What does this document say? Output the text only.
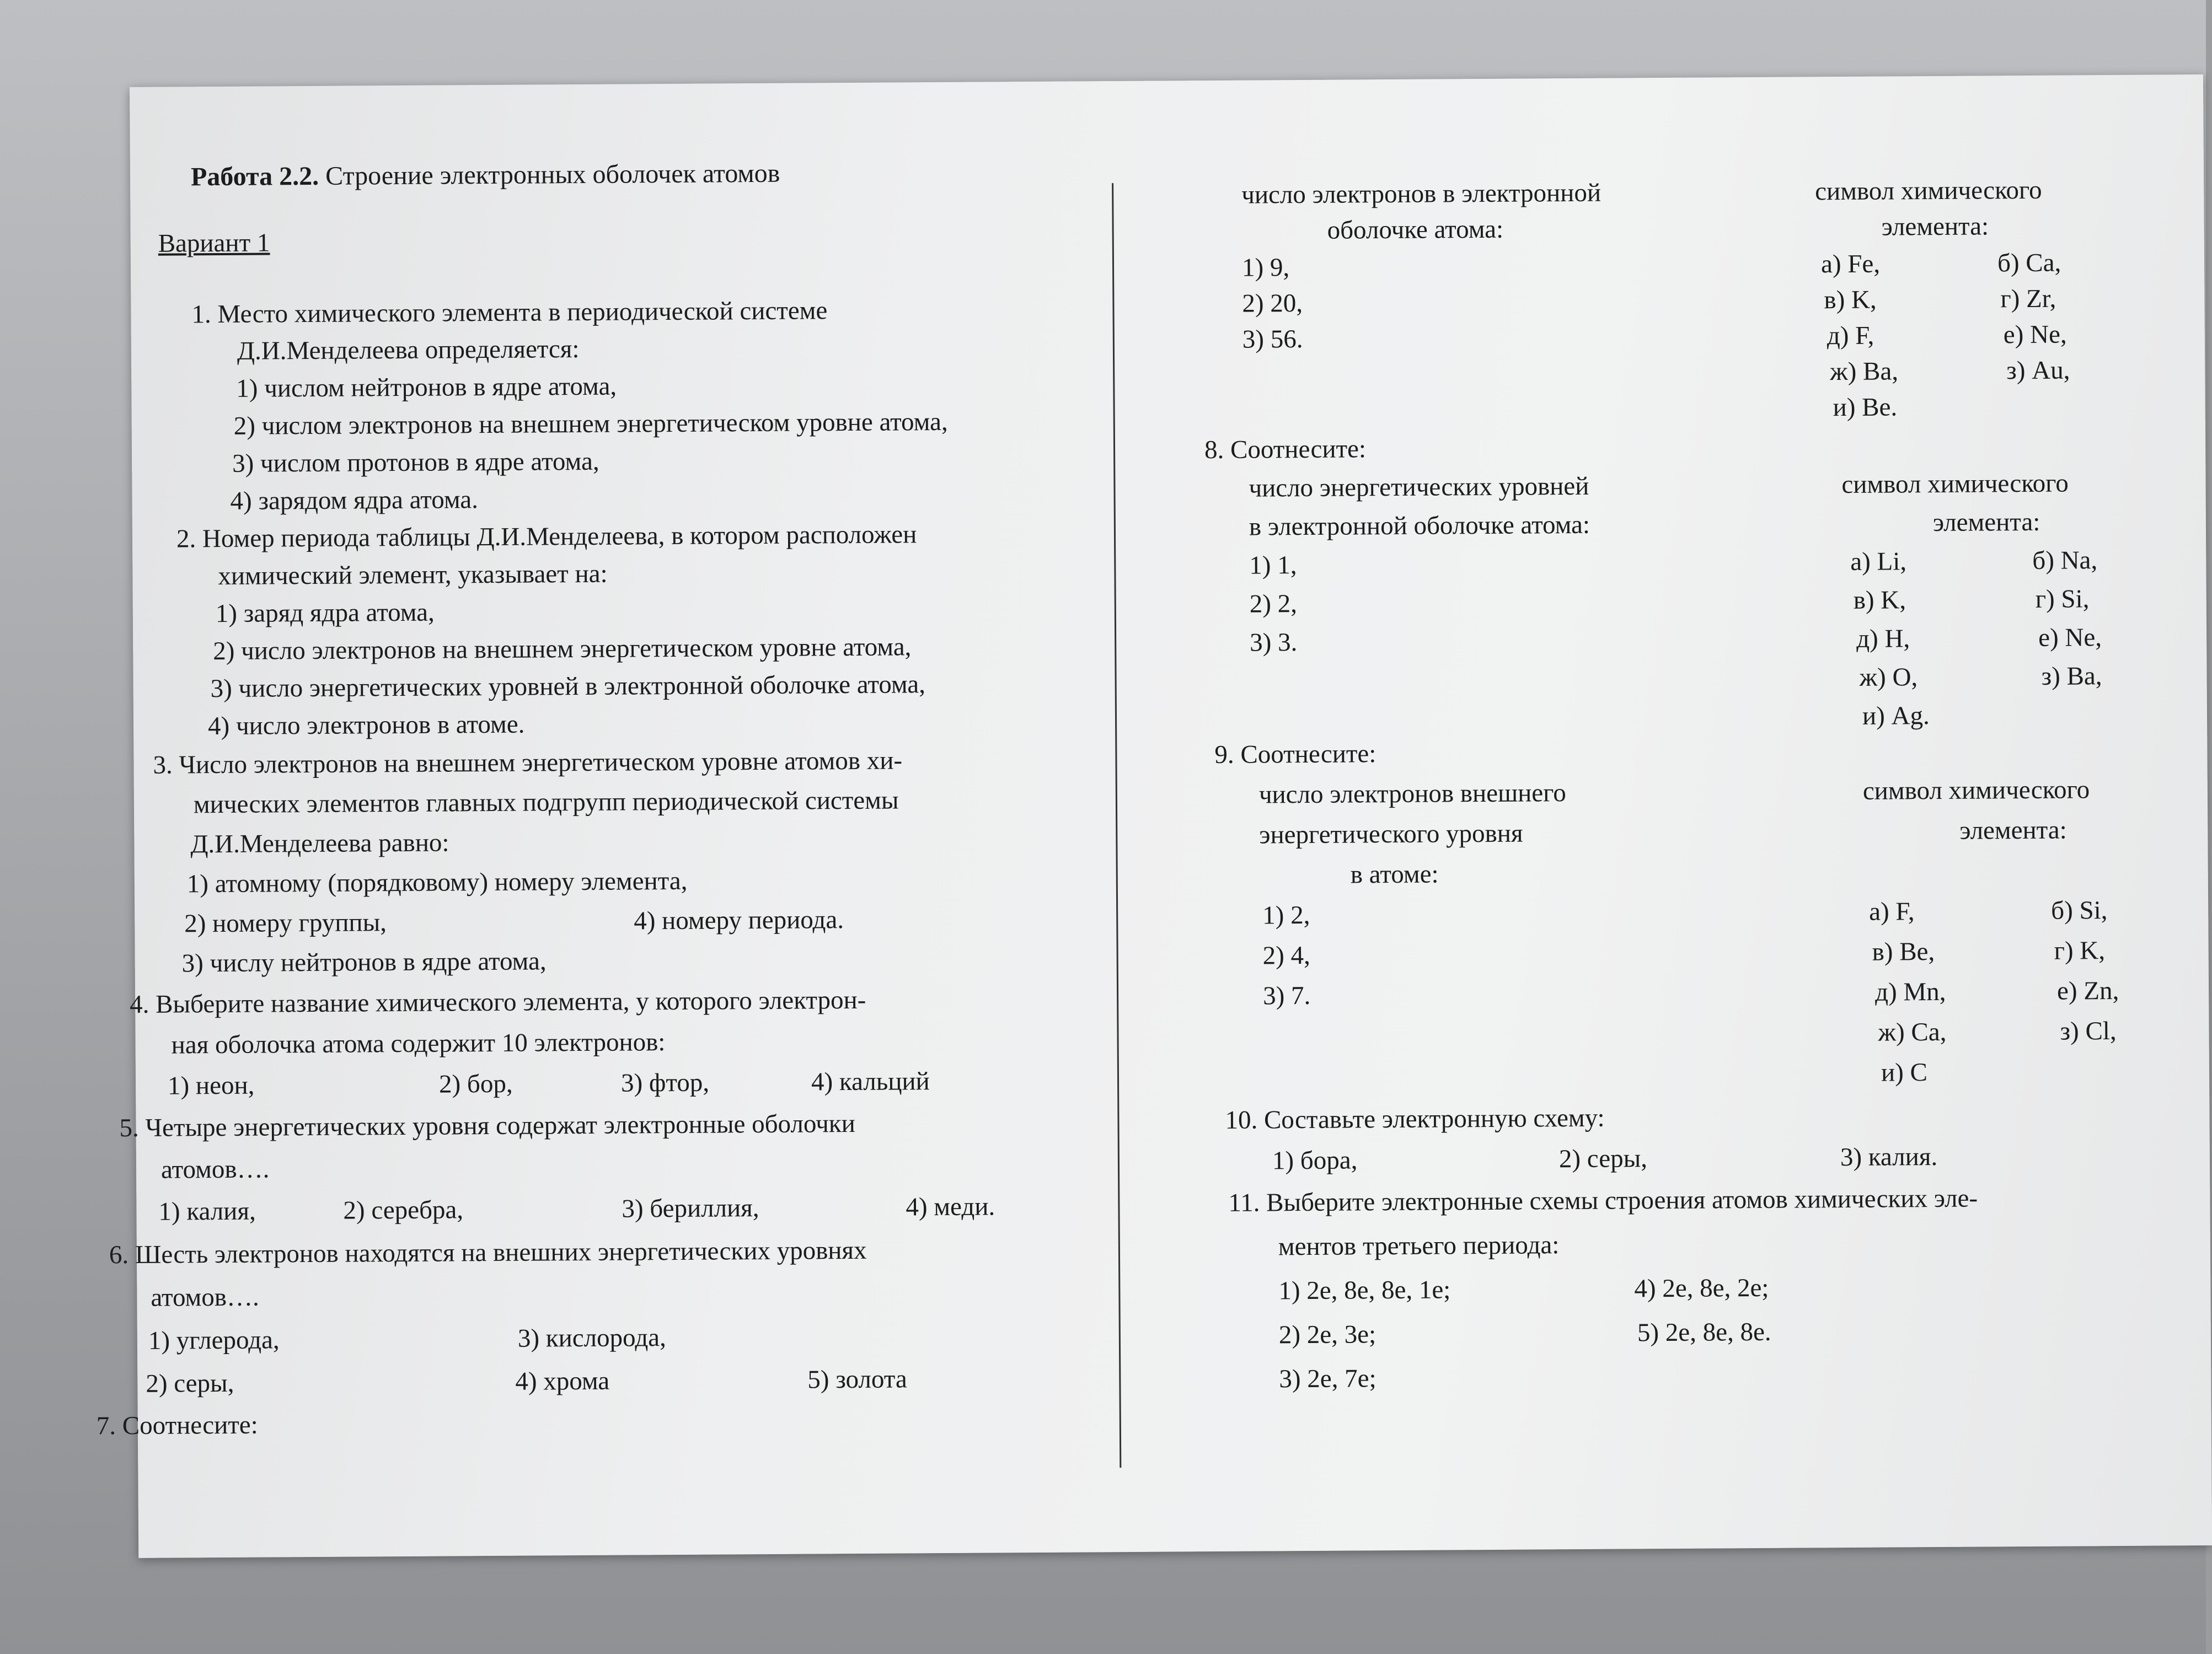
Работа 2.2. Строение электронных оболочек атомов
Вариант 1
1. Место химического элемента в периодической системе
Д.И.Менделеева определяется:
1) числом нейтронов в ядре атома,
2) числом электронов на внешнем энергетическом уровне атома,
3) числом протонов в ядре атома,
4) зарядом ядра атома.
2. Номер периода таблицы Д.И.Менделеева, в котором расположен
химический элемент, указывает на:
1) заряд ядра атома,
2) число электронов на внешнем энергетическом уровне атома,
3) число энергетических уровней в электронной оболочке атома,
4) число электронов в атоме.
3. Число электронов на внешнем энергетическом уровне атомов хи-
мических элементов главных подгрупп периодической системы
Д.И.Менделеева равно:
1) атомному (порядковому) номеру элемента,
2) номеру группы,	4) номеру периода.
3) числу нейтронов в ядре атома,
4. Выберите название химического элемента, у которого электрон-
ная оболочка атома содержит 10 электронов:
1) неон,	2) бор,	3) фтор,	4) кальций
5. Четыре энергетических уровня содержат электронные оболочки
атомов….
1) калия,	2) серебра,	3) бериллия,	4) меди.
6. Шесть электронов находятся на внешних энергетических уровнях
атомов….
1) углерода,	3) кислорода,
2) серы,	4) хрома	5) золота
7. Соотнесите:
число электронов в электронной
оболочке атома:
символ химического
элемента:
1) 9,
2) 20,
3) 56.
а) Fe,	б) Ca,
в) K,	г) Zr,
д) F,	е) Ne,
ж) Ba,	з) Au,
и) Be.
8. Соотнесите:
число энергетических уровней
в электронной оболочке атома:
символ химического
элемента:
1) 1,
2) 2,
3) 3.
а) Li,	б) Na,
в) K,	г) Si,
д) H,	е) Ne,
ж) O,	з) Ba,
и) Ag.
9. Соотнесите:
число электронов внешнего
энергетического уровня
в атоме:
символ химического
элемента:
1) 2,
2) 4,
3) 7.
а) F,	б) Si,
в) Be,	г) K,
д) Mn,	е) Zn,
ж) Ca,	з) Cl,
и) C
10. Составьте электронную схему:
1) бора,	2) серы,	3) калия.
11. Выберите электронные схемы строения атомов химических эле-
ментов третьего периода:
1) 2е, 8е, 8е, 1е;	4) 2е, 8е, 2е;
2) 2е, 3е;	5) 2е, 8е, 8е.
3) 2е, 7е;
